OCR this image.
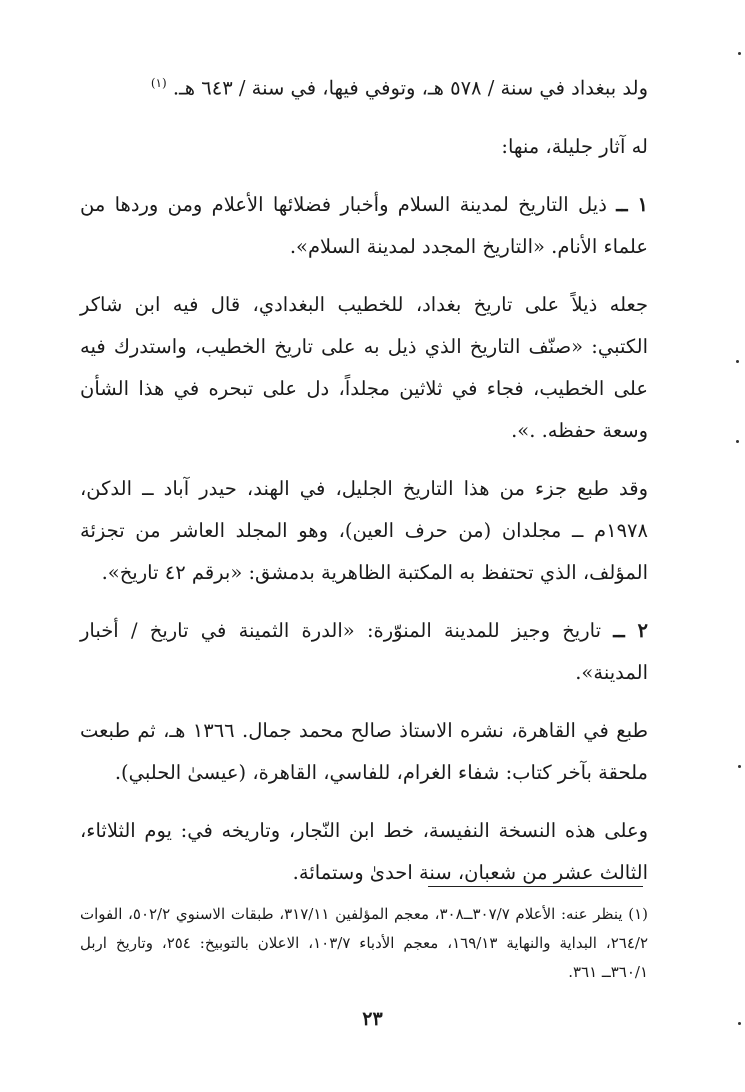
ولد ببغداد في سنة / ٥٧٨ هـ، وتوفي فيها، في سنة / ٦٤٣ هـ. $^{(١)}$

له آثار جليلة، منها:

١ ــ ذيل التاريخ لمدينة السلام وأخبار فضلائها الأعلام ومن وردها من علماء الأنام. «التاريخ المجدد لمدينة السلام».

جعله ذيلاً على تاريخ بغداد، للخطيب البغدادي، قال فيه ابن شاكر الكتبي: «صنّف التاريخ الذي ذيل به على تاريخ الخطيب، واستدرك فيه على الخطيب، فجاء في ثلاثين مجلداً، دل على تبحره في هذا الشأن وسعة حفظه. .».

وقد طبع جزء من هذا التاريخ الجليل، في الهند، حيدر آباد ــ الدكن، ١٩٧٨م ــ مجلدان (من حرف العين)، وهو المجلد العاشر من تجزئة المؤلف، الذي تحتفظ به المكتبة الظاهرية بدمشق: «برقم ٤٢ تاريخ».

٢ ــ تاريخ وجيز للمدينة المنوّرة: «الدرة الثمينة في تاريخ / أخبار المدينة».

طبع في القاهرة، نشره الاستاذ صالح محمد جمال. ١٣٦٦ هـ، ثم طبعت ملحقة بآخر كتاب: شفاء الغرام، للفاسي، القاهرة، (عيسىٰ الحلبي).

وعلى هذه النسخة النفيسة، خط ابن النّجار، وتاريخه في: يوم الثلاثاء، الثالث عشر من شعبان، سنة احدىٰ وستمائة.

(١) ينظر عنه: الأعلام ٣٠٧/٧ــ٣٠٨، معجم المؤلفين ٣١٧/١١، طبقات الاسنوي ٥٠٢/٢، الفوات ٢٦٤/٢، البداية والنهاية ١٦٩/١٣، معجم الأدباء ١٠٣/٧، الاعلان بالتوبيخ: ٢٥٤، وتاريخ اربل ٣٦٠/١ــ ٣٦١.
٢٣
